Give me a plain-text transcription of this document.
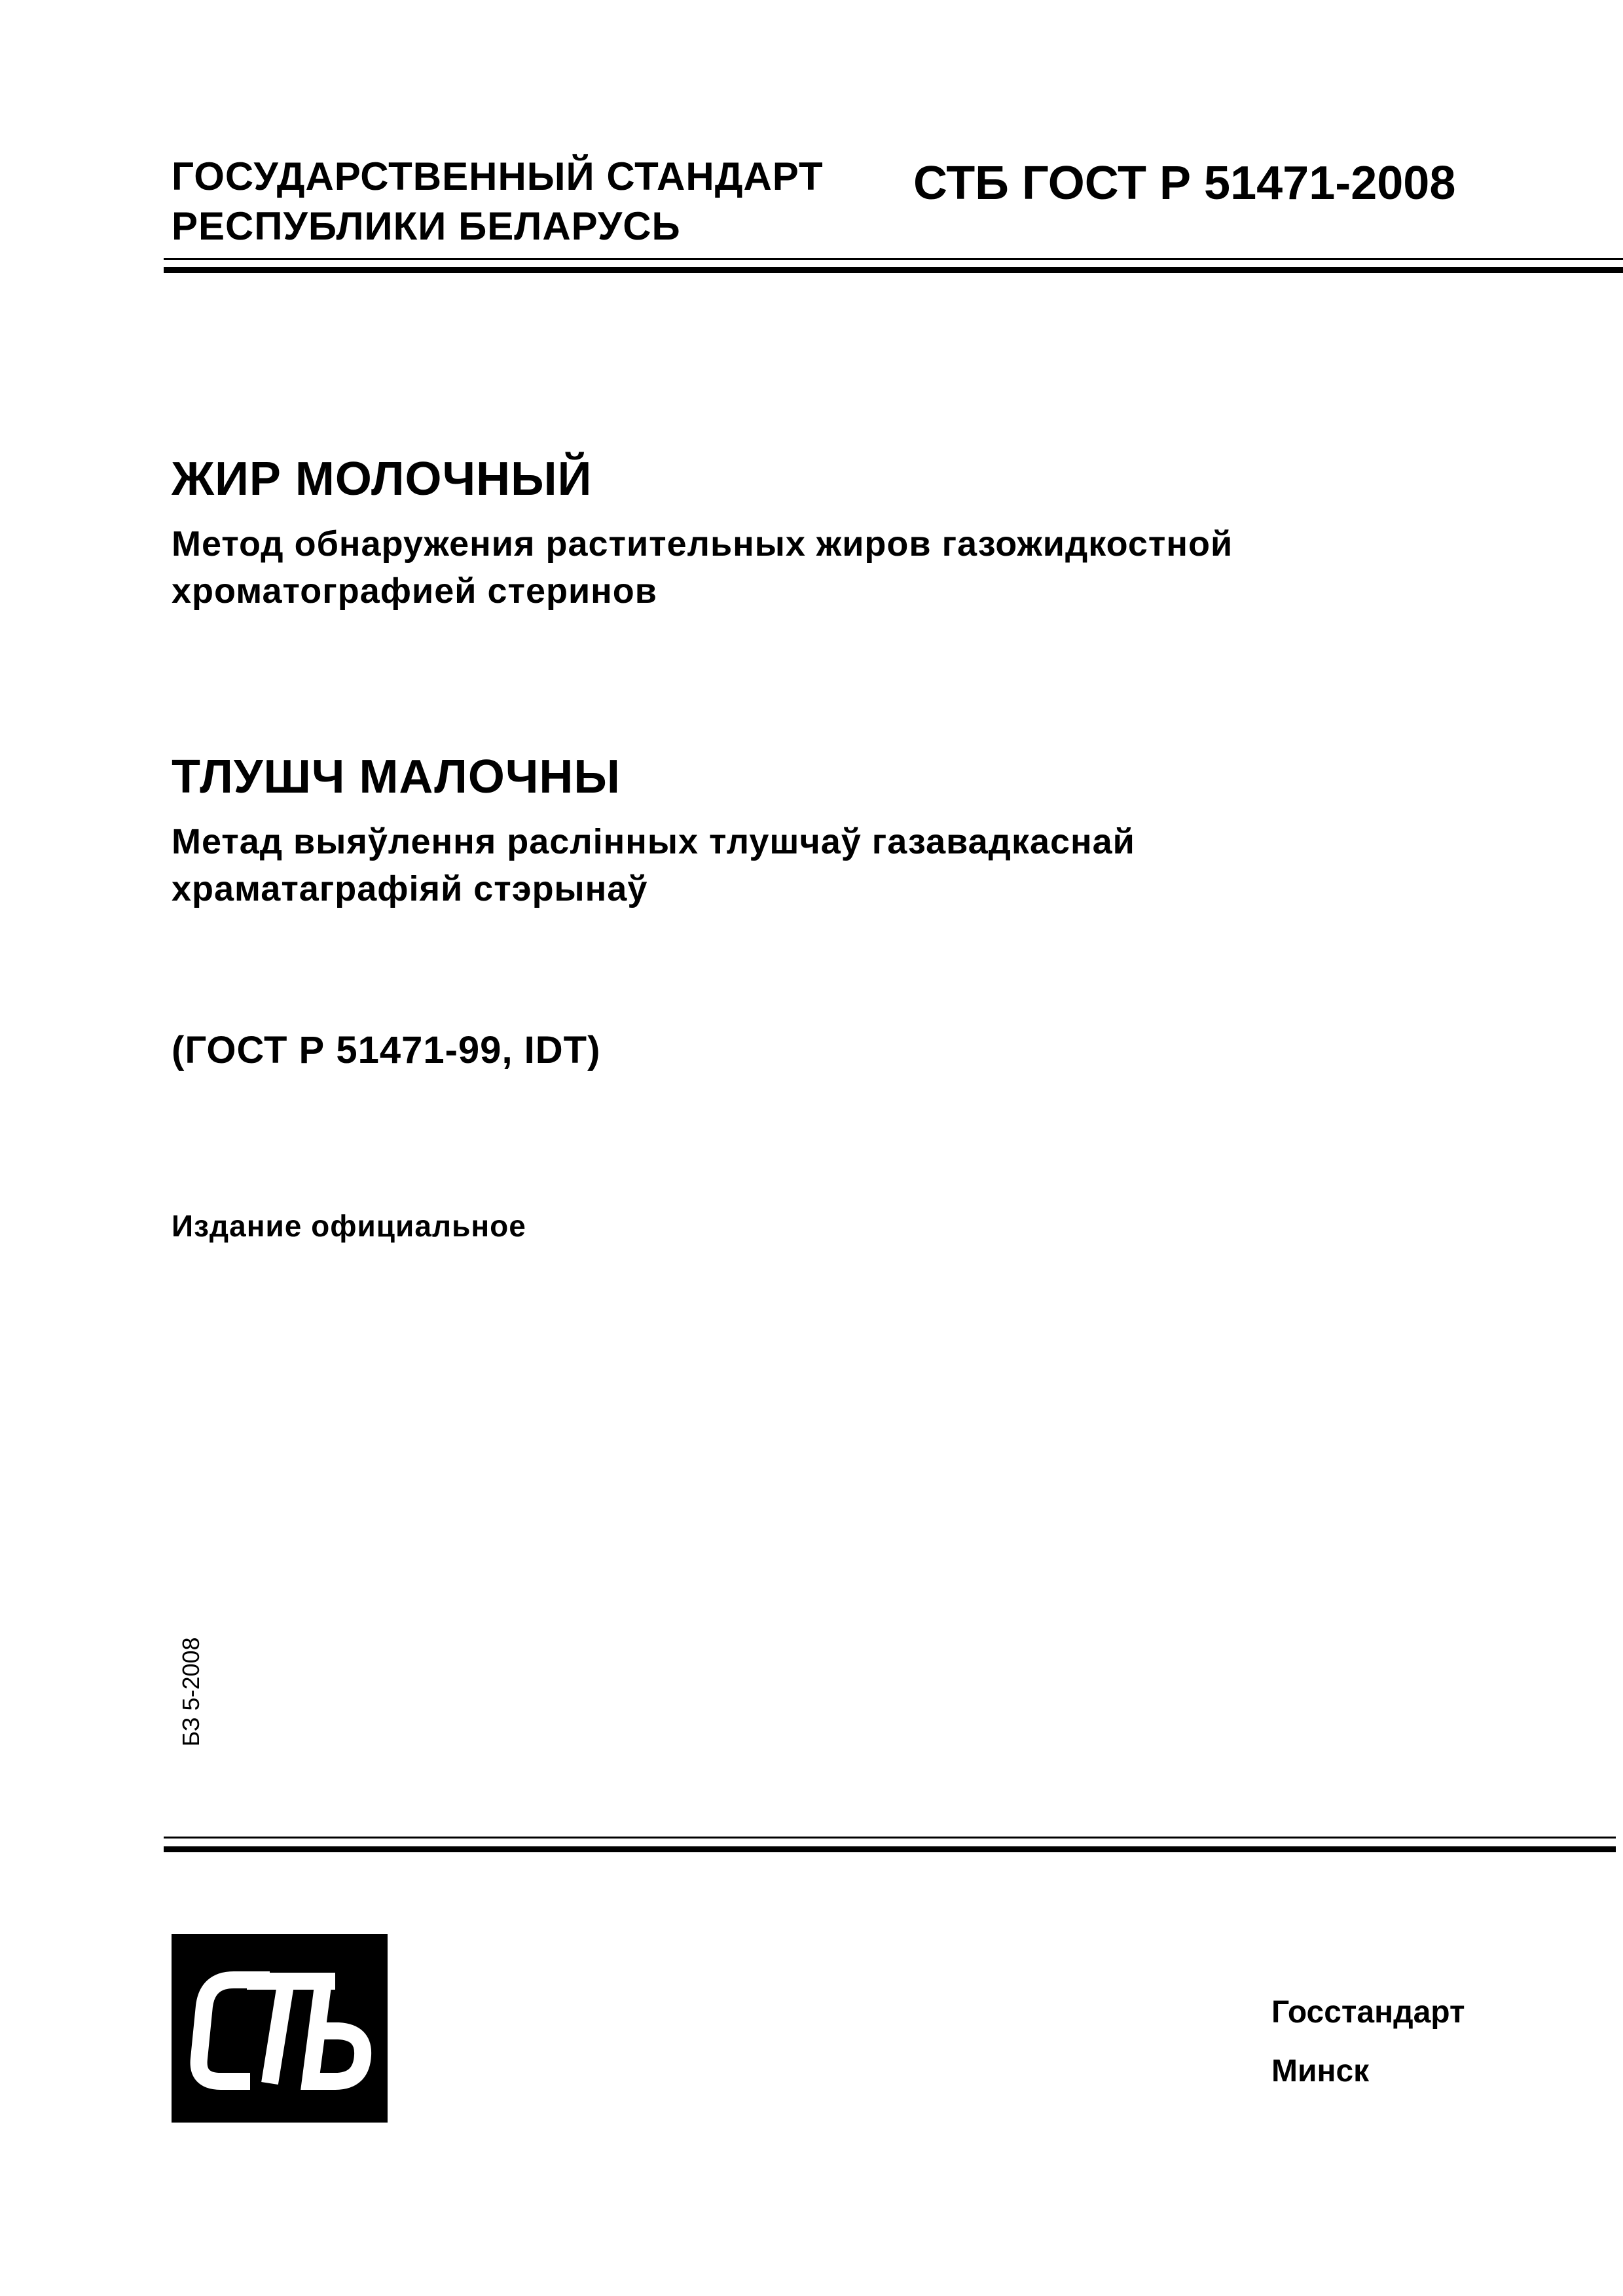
ГОСУДАРСТВЕННЫЙ СТАНДАРТ
РЕСПУБЛИКИ БЕЛАРУСЬ
СТБ ГОСТ Р 51471-2008
ЖИР МОЛОЧНЫЙ
Метод обнаружения растительных жиров газожидкостной
хроматографией стеринов
ТЛУШЧ МАЛОЧНЫ
Метад выяўлення раслінных тлушчаў газавадкаснай
храматаграфіяй стэрынаў
(ГОСТ Р 51471-99, IDT)
Издание официальное
БЗ 5-2008
Госстандарт
Минск
